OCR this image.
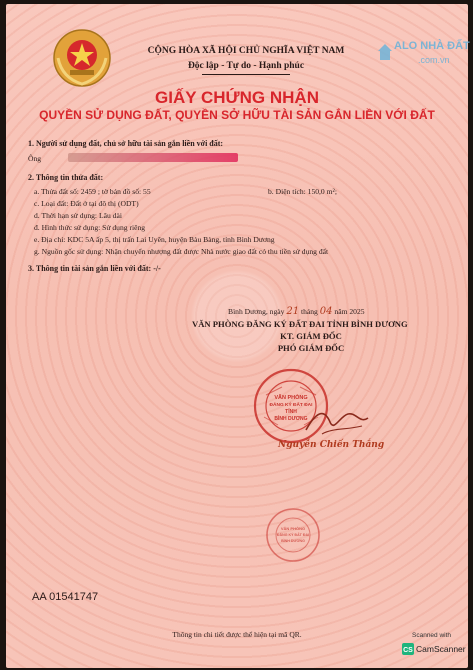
CỘNG HÒA XÃ HỘI CHỦ NGHĨA VIỆT NAM
Độc lập - Tự do - Hạnh phúc
ALO NHÀ ĐẤT
.com.vn
GIẤY CHỨNG NHẬN
QUYỀN SỬ DỤNG ĐẤT, QUYỀN SỞ HỮU TÀI SẢN GẮN LIỀN VỚI ĐẤT
1. Người sử dụng đất, chủ sở hữu tài sản gắn liền với đất:
Ông
2. Thông tin thửa đất:
a. Thửa đất số: 2459 ; tờ bản đồ số: 55	b. Diện tích: 150,0 m²;
c. Loại đất: Đất ở tại đô thị (ODT)
d. Thời hạn sử dụng: Lâu dài
đ. Hình thức sử dụng: Sử dụng riêng
e. Địa chỉ: KDC 5A ấp 5, thị trấn Lai Uyên, huyện Bàu Bàng, tỉnh Bình Dương
g. Nguồn gốc sử dụng: Nhận chuyển nhượng đất được Nhà nước giao đất có thu tiền sử dụng đất
3. Thông tin tài sản gắn liền với đất: -/-
Bình Dương, ngày 21 tháng 04 năm 2025
VĂN PHÒNG ĐĂNG KÝ ĐẤT ĐAI TỈNH BÌNH DƯƠNG
KT. GIÁM ĐỐC
PHÓ GIÁM ĐỐC
VĂN PHÒNG
ĐĂNG KÝ ĐẤT ĐAI
TỈNH
BÌNH DƯƠNG
Nguyễn Chiến Thắng
VĂN PHÒNG
ĐĂNG KÝ ĐẤT ĐAI
BÌNH DƯƠNG
AA 01541747
Thông tin chi tiết được thể hiện tại mã QR.	Scanned with
CS CamScanner
